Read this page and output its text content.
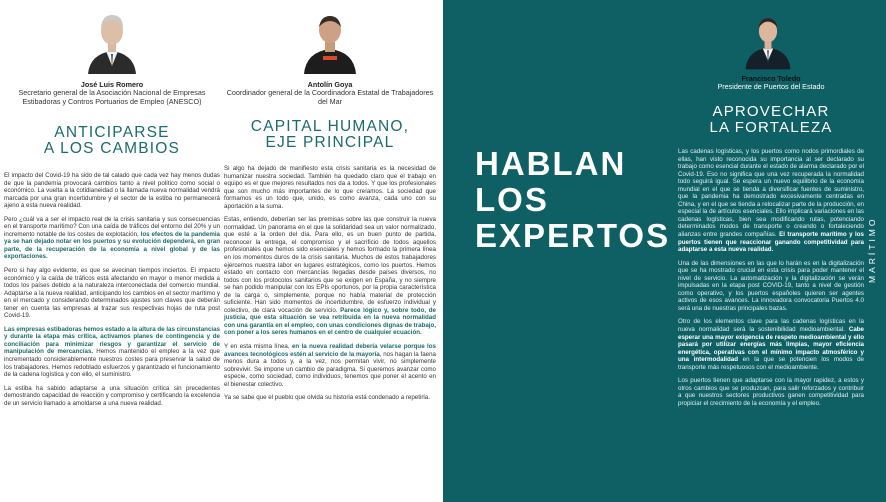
José Luis Romero
Secretario general de la Asociación Nacional de Empresas Estibadoras y Contros Portuarios de Empleo (ANESCO)
ANTICIPARSE
A LOS CAMBIOS

El impacto del Covid-19 ha sido de tal calado que cada vez hay menos dudas de que la pandemia provocará cambios tanto a nivel político como social o económico. La vuelta a la cotidianeidad o la llamada nueva normalidad vendrá marcada por una gran incertidumbre y el sector de la estiba no permanecerá ajeno a esta nueva realidad.

Pero ¿cuál va a ser el impacto real de la crisis sanitaria y sus consecuencias en el transporte marítimo? Con una caída de tráficos del entorno del 20% y un incremento notable de los costes de explotación, los efectos de la pandemia ya se han dejado notar en los puertos y su evolución dependerá, en gran parte, de la recuperación de la economía a nivel global y de las exportaciones.

Pero si hay algo evidente, es que se avecinan tiempos inciertos. El impacto económico y la caída de tráficos está afectando en mayor o menor medida a todos los países debido a la naturaleza interconectada del comercio mundial. Adaptarse a la nueva realidad, anticipando los cambios en el sector marítimo y en el mercado y considerando determinados ajustes son claves que deberán tener en cuenta las empresas al trazar sus respectivas hojas de ruta post Covid-19.

Las empresas estibadoras hemos estado a la altura de las circunstancias y durante la etapa más crítica, activamos planes de contingencia y de conciliación para minimizar riesgos y garantizar el servicio de manipulación de mercancías. Hemos mantenido el empleo a la vez que incrementado considerablemente nuestros costes para preservar la salud de los trabajadores. Hemos redoblado esfuerzos y garantizado el funcionamiento de la cadena logística y con ello, el suministro.

La estiba ha sabido adaptarse a una situación crítica sin precedentes demostrando capacidad de reacción y compromiso y certificando la excelencia de un servicio llamado a amoldarse a una nueva realidad.

Antolín Goya
Coordinador general de la Coordinadora Estatal de Trabajadores del Mar
CAPITAL HUMANO,
EJE PRINCIPAL

Si algo ha dejado de manifiesto esta crisis sanitaria es la necesidad de humanizar nuestra sociedad. También ha quedado claro que el trabajo en equipo es el que mejores resultados nos da a todos. Y que los profesionales que son mucho más importantes de lo que creíamos. La sociedad que formamos es un todo que, unido, es como avanza, cada uno con su aportación a la suma.

Estas, entiendo, deberían ser las premisas sobre las que construir la nueva normalidad. Un panorama en el que la solidaridad sea un valor normalizado, que esté a la orden del día. Para ello, es un buen punto de partida, reconocer la entrega, el compromiso y el sacrificio de todos aquellos profesionales que hemos sido esenciales y hemos formado la primera línea en los momentos duros de la crisis sanitaria. Muchos de estos trabajadores ejercemos nuestra labor en lugares estratégicos, como los puertos. Hemos estado en contacto con mercancías llegadas desde países diversos, no todos con los protocolos sanitarios que se exigen en España, y no siempre se han podido manipular con los EPIs oportunos, por la propia característica de la carga o, simplemente, porque no había material de protección suficiente. Han sido momentos de incertidumbre, de esfuerzo individual y colectivo, de clara vocación de servicio. Parece lógico y, sobre todo, de justicia, que esta situación se vea retribuida en la nueva normalidad con una garantía en el empleo, con unas condiciones dignas de trabajo, con poner a los seres humanos en el centro de cualquier ecuación.

Y en esta misma línea, en la nueva realidad debería velarse porque los avances tecnológicos estén al servicio de la mayoría, nos hagan la faena menos dura a todos y, a la vez, nos permitan vivir, no simplemente sobrevivir. Se impone un cambio de paradigma. Si queremos avanzar como especie, como sociedad, como individuos, tenemos que poner el acento en el bienestar colectivo.

Ya se sabe que el pueblo que olvida su historia está condenado a repetirla.

HABLAN
LOS
EXPERTOS
Francisco Toledo
Presidente de Puertos del Estado
APROVECHAR
LA FORTALEZA

Las cadenas logísticas, y los puertos como nodos primordiales de ellas, han visto reconocida su importancia al ser declarado su trabajo como esencial durante el estado de alarma declarado por el Covid-19. Eso no significa que una vez recuperada la normalidad todo seguirá igual. Se espera un nuevo equilibrio de la economía mundial en el que se tienda a diversificar fuentes de suministro, que la pandemia ha demostrado excesivamente centradas en China, y en el que se tienda a relocalizar parte de la producción, en especial la de artículos esenciales. Ello implicará variaciones en las cadenas logísticas, bien sea modificando rutas, potenciando determinados modos de transporte o creando o fortaleciendo alianzas entre grandes compañías. El transporte marítimo y los puertos tienen que reaccionar ganando competitividad para adaptarse a esta nueva realidad.

Una de las dimensiones en las que lo harán es en la digitalización que se ha mostrado crucial en esta crisis para poder mantener el nivel de servicio. La automatización y la digitalización se verán impulsadas en la etapa post COVID-19, tanto a nivel de gestión como operativo, y los puertos españoles quieren ser agentes activos de esos avances. La innovadora convocatoria Puertos 4.0 será una de nuestras principales bazas.

Otro de los elementos clave para las cadenas logísticas en la nueva normalidad será la sostenibilidad medioambiental. Cabe esperar una mayor exigencia de respeto medioambiental y ello pasará por utilizar energías más limpias, mayor eficiencia energética, operativas con el mínimo impacto atmosférico y una intermodalidad en la que se potencien los modos de transporte más respetuosos con el medioambiente.

Los puertos tienen que adaptarse con la mayor rapidez, a estos y otros cambios que se produzcan, para salir reforzados y contribuir a que nuestros sectores productivos ganen competitividad para propiciar el crecimiento de la economía y el empleo.

MARÍTIMO
